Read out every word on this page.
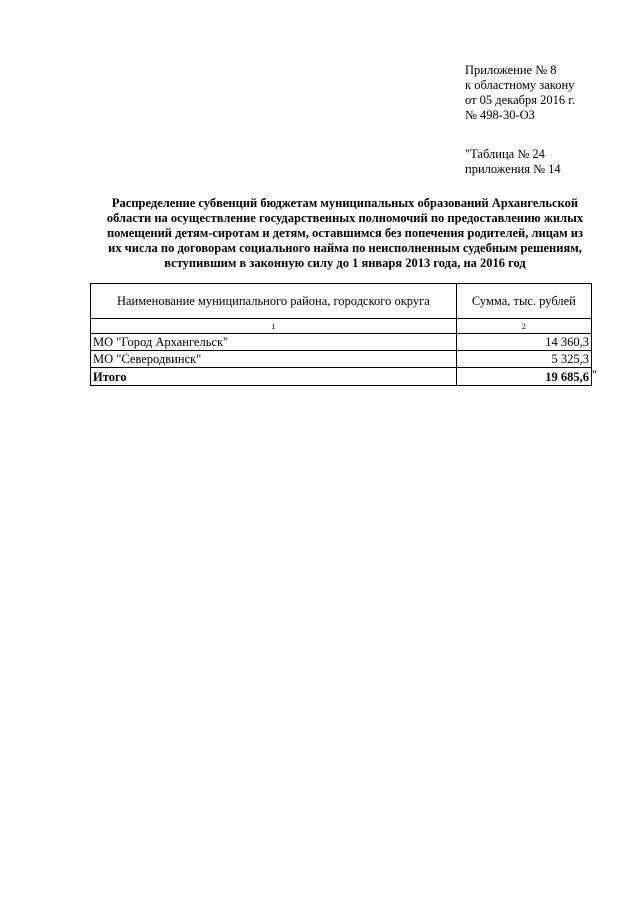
Приложение № 8
к областному закону
от 05 декабря 2016 г.
№ 498-30-ОЗ
"Таблица № 24
приложения № 14
Распределение субвенций бюджетам муниципальных образований Архангельской
области на осуществление государственных полномочий по предоставлению жилых
помещений детям-сиротам и детям, оставшимся без попечения родителей, лицам из
их числа по договорам социального найма по неисполненным судебным решениям,
вступившим в законную силу до 1 января 2013 года, на 2016 год
Наименование муниципального района, городского округа	Сумма, тыс. рублей
1	2
МО "Город Архангельск"	14 360,3
МО "Северодвинск"	5 325,3
Итого	19 685,6 "
